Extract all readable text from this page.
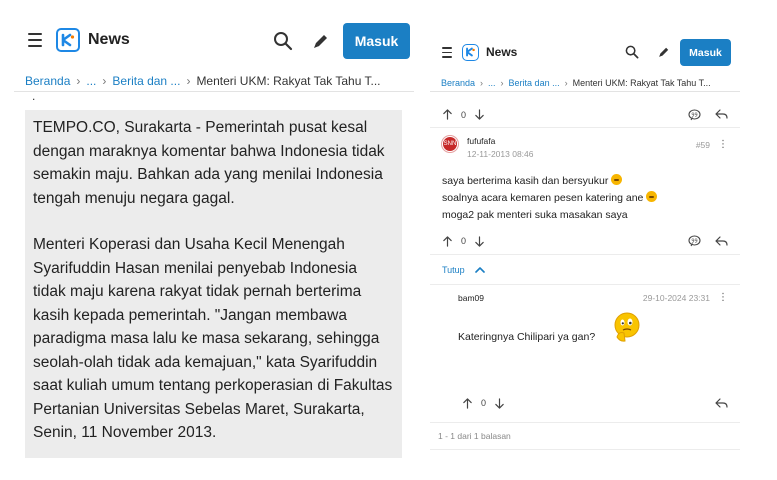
News	Masuk
Beranda › ... › Berita dan ... › Menteri UKM: Rakyat Tak Tahu T...
.

TEMPO.CO, Surakarta - Pemerintah pusat kesal dengan maraknya komentar bahwa Indonesia tidak semakin maju. Bahkan ada yang menilai Indonesia tengah menuju negara gagal.

Menteri Koperasi dan Usaha Kecil Menengah Syarifuddin Hasan menilai penyebab Indonesia tidak maju karena rakyat tidak pernah berterima kasih kepada pemerintah. "Jangan membawa paradigma masa lalu ke masa sekarang, sehingga seolah-olah tidak ada kemajuan," kata Syarifuddin saat kuliah umum tentang perkoperasian di Fakultas Pertanian Universitas Sebelas Maret, Surakarta, Senin, 11 November 2013.

News	Masuk
Beranda › ... › Berita dan ... › Menteri UKM: Rakyat Tak Tahu T...
0	99
SNN fufufafa
12-11-2013 08:46
#59 ⋮
saya berterima kasih dan bersyukur
soalnya acara kemaren pesen katering ane
moga2 pak menteri suka masakan saya
0	99
Tutup
bam09	29-10-2024 23:31 ⋮
Kateringnya Chilipari ya gan?
0
1 - 1 dari 1 balasan
